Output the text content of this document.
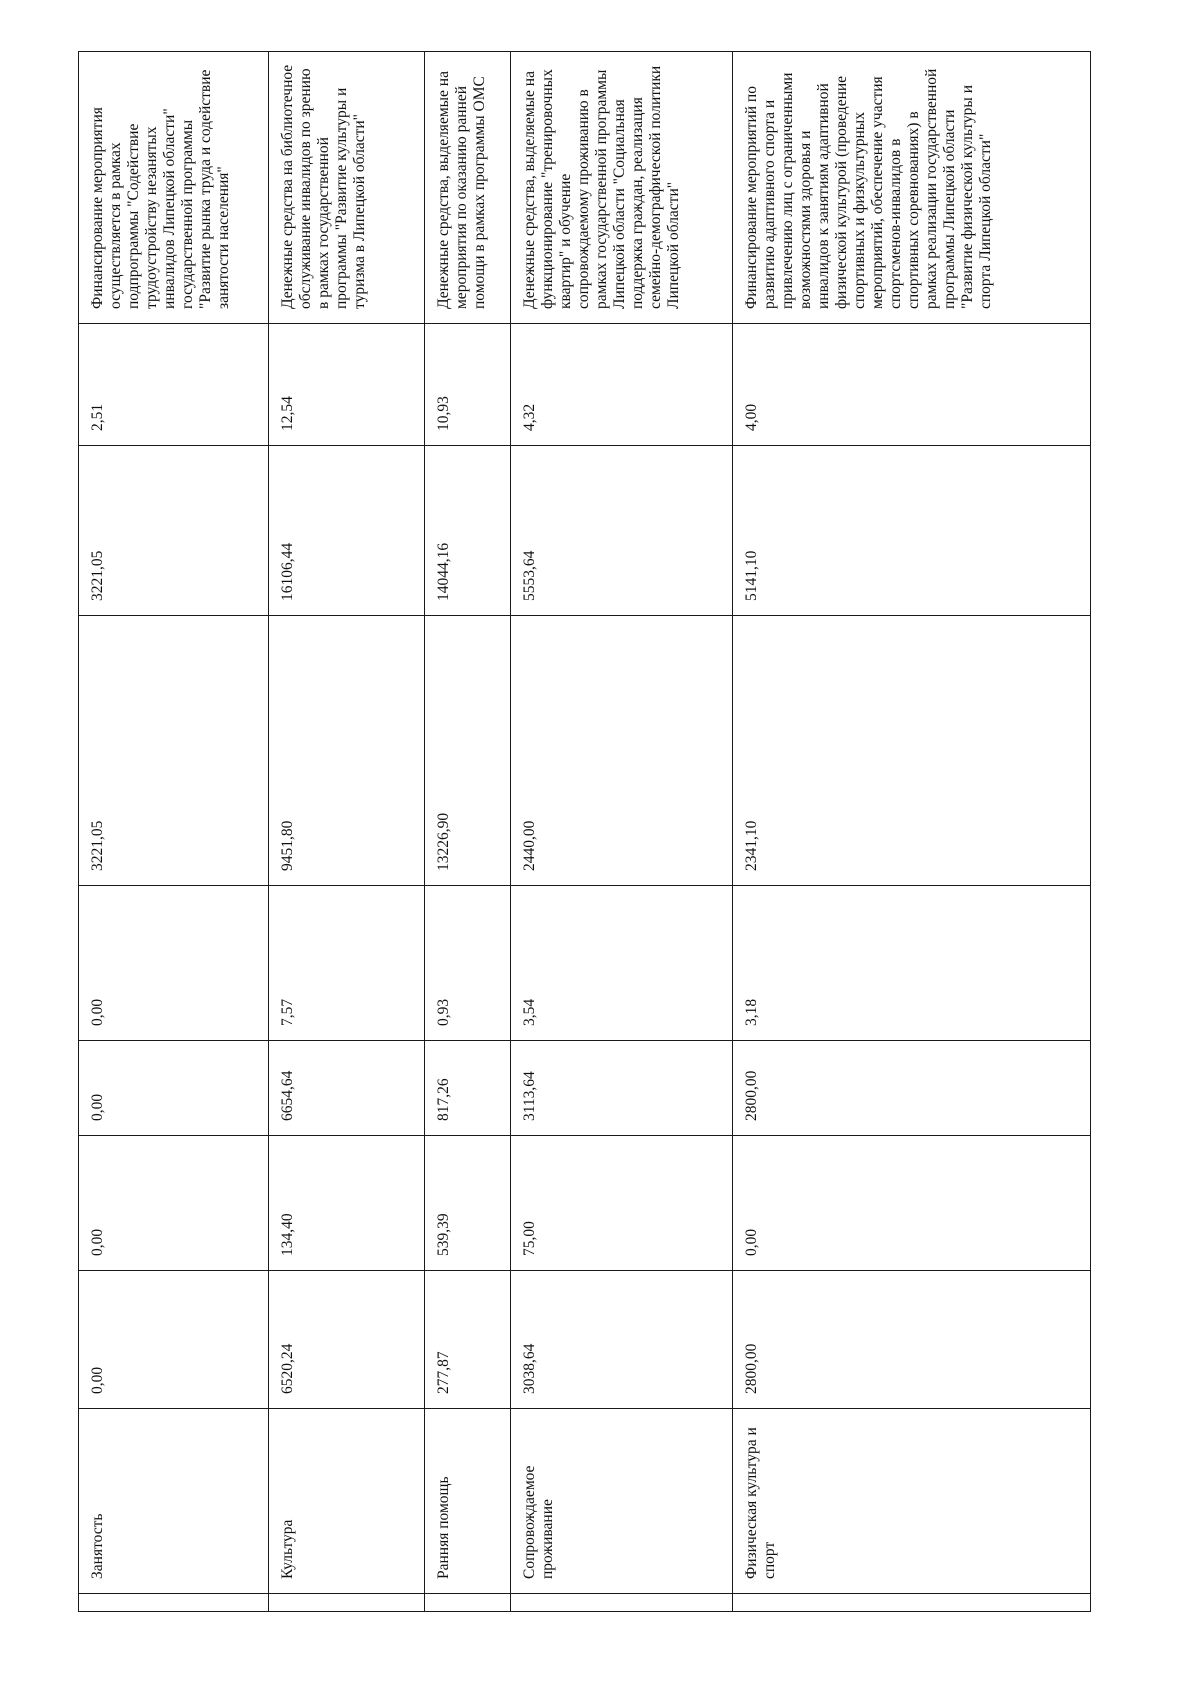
	Занятость	0,00	0,00	0,00	0,00	3221,05	3221,05	2,51	Финансирование мероприятия осуществляется в рамках подпрограммы "Содействие трудоустройству незанятых инвалидов Липецкой области" государственной программы "Развитие рынка труда и содействие занятости населения"
	Культура	6520,24	134,40	6654,64	7,57	9451,80	16106,44	12,54	Денежные средства на библиотечное обслуживание инвалидов по зрению в рамках государственной программы "Развитие культуры и туризма в Липецкой области"
	Ранняя помощь	277,87	539,39	817,26	0,93	13226,90	14044,16	10,93	Денежные средства, выделяемые на мероприятия по оказанию ранней помощи в рамках программы ОМС
	Сопровождаемое проживание	3038,64	75,00	3113,64	3,54	2440,00	5553,64	4,32	Денежные средства, выделяемые на функционирование "тренировочных квартир" и обучение сопровождаемому проживанию в рамках государственной программы Липецкой области "Социальная поддержка граждан, реализация семейно-демографической политики Липецкой области"
	Физическая культура и спорт	2800,00	0,00	2800,00	3,18	2341,10	5141,10	4,00	Финансирование мероприятий по развитию адаптивного спорта и привлечению лиц с ограниченными возможностями здоровья и инвалидов к занятиям адаптивной физической культурой (проведение спортивных и физкультурных мероприятий, обеспечение участия спортсменов-инвалидов в спортивных соревнованиях) в рамках реализации государственной программы Липецкой области "Развитие физической культуры и спорта Липецкой области"
